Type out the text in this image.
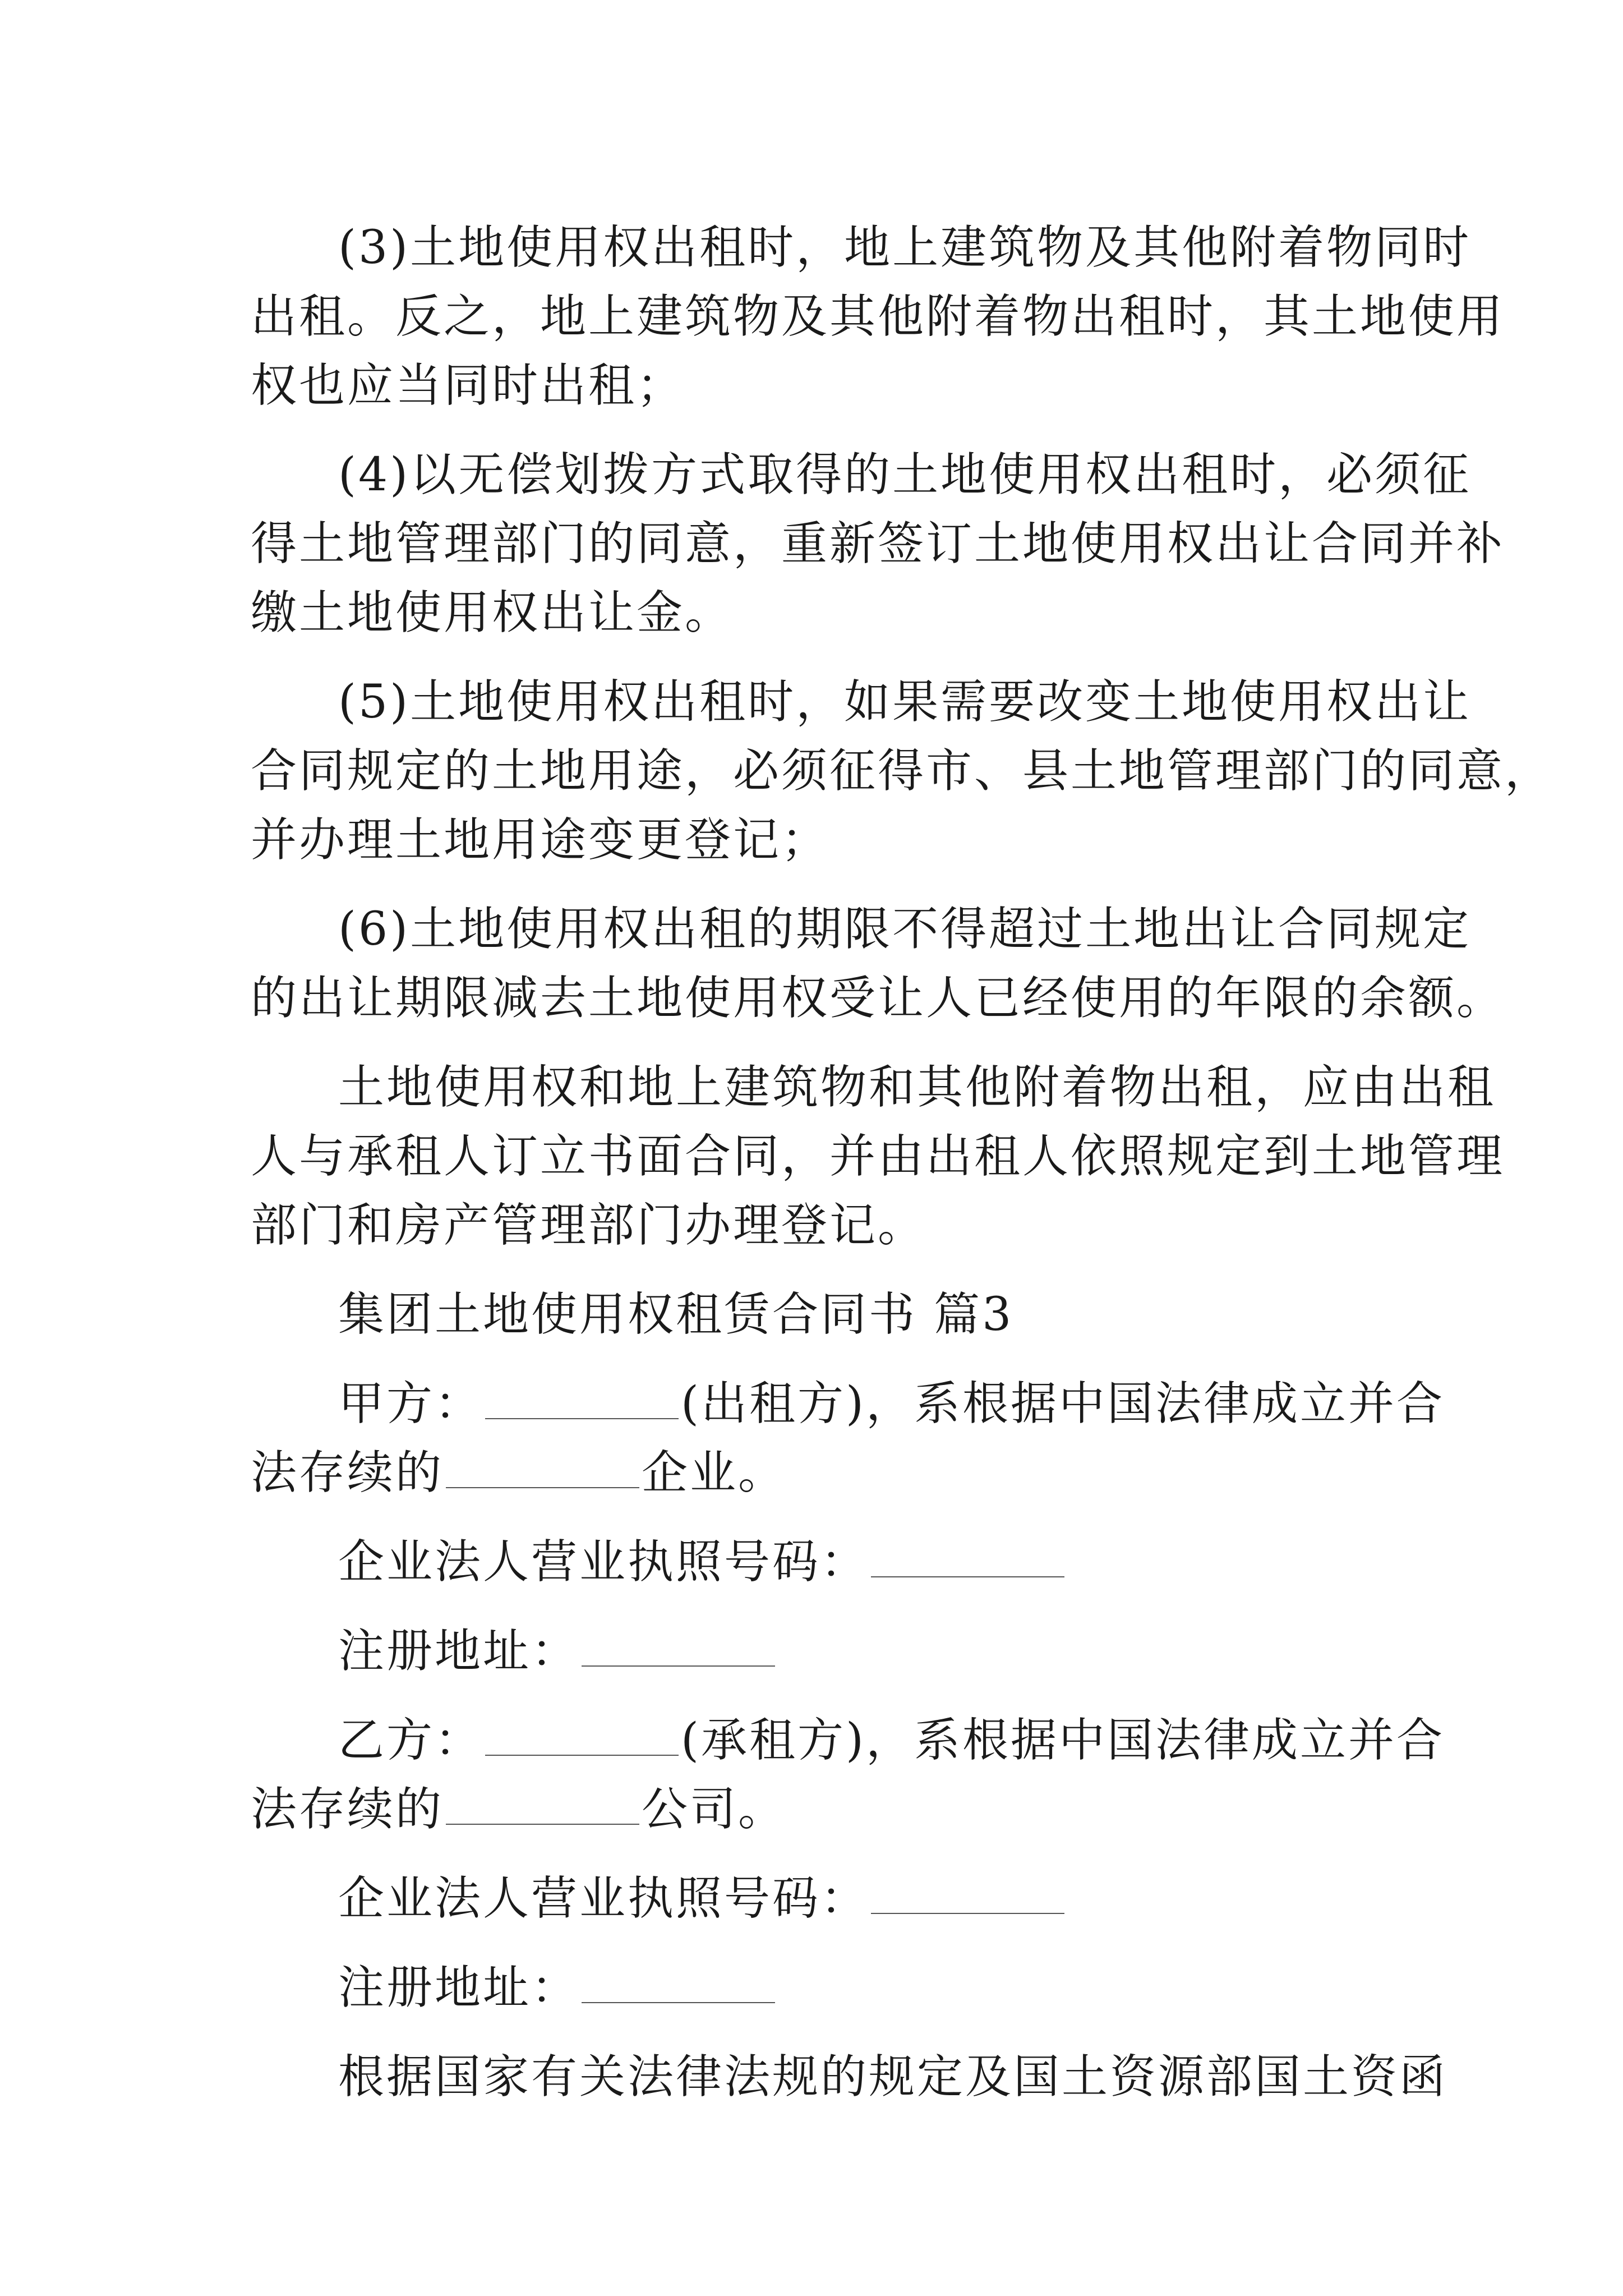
(3)土地使用权出租时，地上建筑物及其他附着物同时
出租。反之，地上建筑物及其他附着物出租时，其土地使用
权也应当同时出租；
(4)以无偿划拨方式取得的土地使用权出租时，必须征
得土地管理部门的同意，重新签订土地使用权出让合同并补
缴土地使用权出让金。
(5)土地使用权出租时，如果需要改变土地使用权出让
合同规定的土地用途，必须征得市、县土地管理部门的同意，
并办理土地用途变更登记；
(6)土地使用权出租的期限不得超过土地出让合同规定
的出让期限减去土地使用权受让人已经使用的年限的余额。
土地使用权和地上建筑物和其他附着物出租，应由出租
人与承租人订立书面合同，并由出租人依照规定到土地管理
部门和房产管理部门办理登记。
集团土地使用权租赁合同书 篇3
甲方：	(出租方)，系根据中国法律成立并合
法存续的	企业。
企业法人营业执照号码：
注册地址：
乙方：	(承租方)，系根据中国法律成立并合
法存续的	公司。
企业法人营业执照号码：
注册地址：
根据国家有关法律法规的规定及国土资源部国土资函
